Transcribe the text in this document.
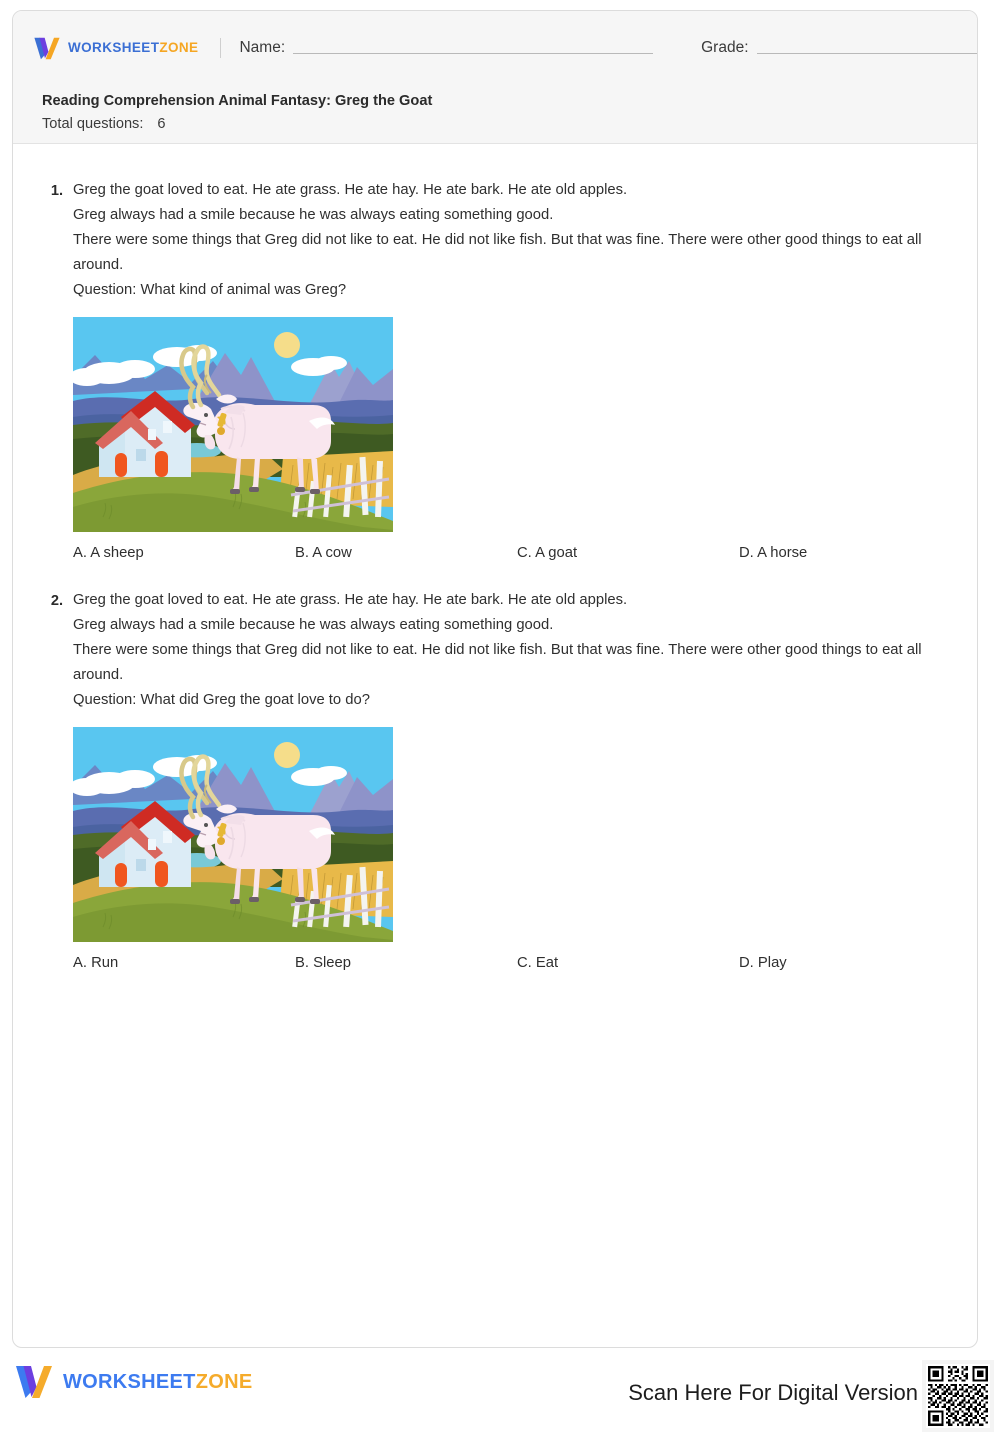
WORKSHEETZONE	Name:	Grade:
Reading Comprehension Animal Fantasy: Greg the Goat
Total questions: 6
1. Greg the goat loved to eat. He ate grass. He ate hay. He ate bark. He ate old apples.
Greg always had a smile because he was always eating something good.
There were some things that Greg did not like to eat. He did not like fish. But that was fine. There were other good things to eat all around.
Question: What kind of animal was Greg?
A. A sheep	B. A cow	C. A goat	D. A horse
2. Greg the goat loved to eat. He ate grass. He ate hay. He ate bark. He ate old apples.
Greg always had a smile because he was always eating something good.
There were some things that Greg did not like to eat. He did not like fish. But that was fine. There were other good things to eat all around.
Question: What did Greg the goat love to do?
A. Run	B. Sleep	C. Eat	D. Play
WORKSHEETZONE	Scan Here For Digital Version
